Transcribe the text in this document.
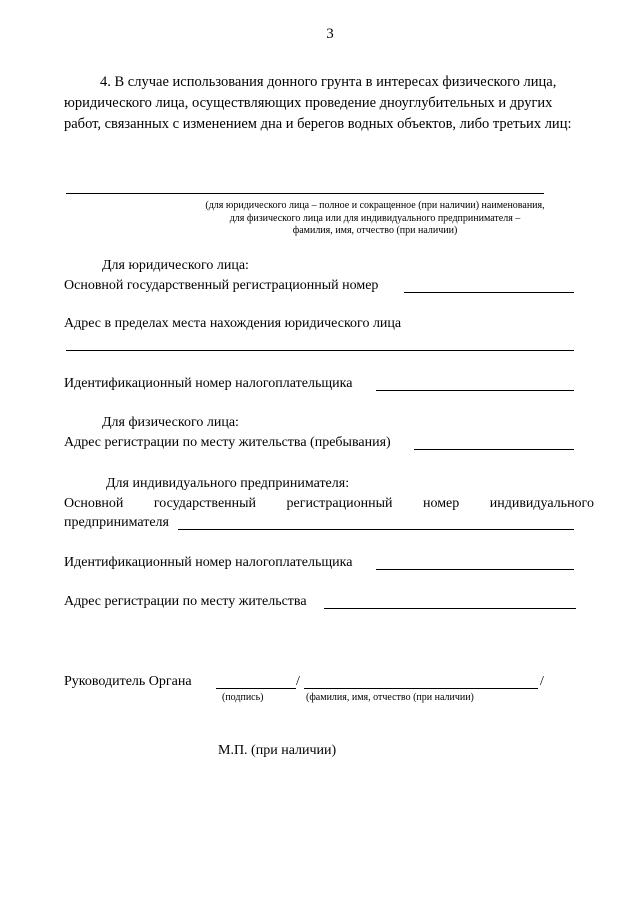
3
4. В случае использования донного грунта в интересах физического лица,
юридического лица, осуществляющих проведение дноуглубительных и других
работ, связанных с изменением дна и берегов водных объектов, либо третьих лиц:
(для юридического лица – полное и сокращенное (при наличии) наименования,
для физического лица или для индивидуального предпринимателя –
фамилия, имя, отчество (при наличии)
Для юридического лица:
Основной государственный регистрационный номер
Адрес в пределах места нахождения юридического лица
Идентификационный номер налогоплательщика
Для физического лица:
Адрес регистрации по месту жительства (пребывания)
Для индивидуального предпринимателя:
Основной государственный регистрационный номер индивидуального
предпринимателя
Идентификационный номер налогоплательщика
Адрес регистрации по месту жительства
Руководитель Органа	/	/
(подпись)	(фамилия, имя, отчество (при наличии)
М.П. (при наличии)
